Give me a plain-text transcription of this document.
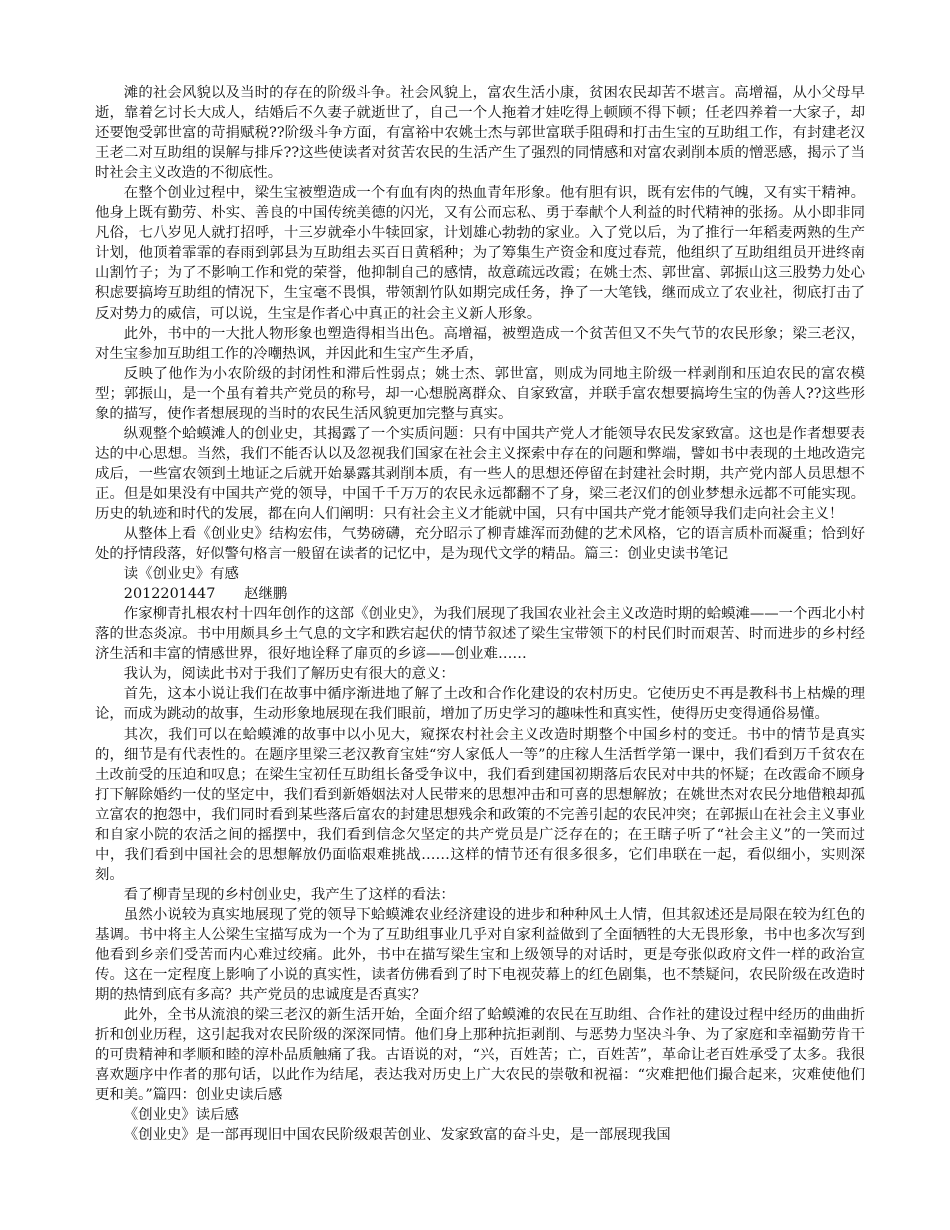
滩的社会风貌以及当时的存在的阶级斗争。社会风貌上，富农生活小康，贫困农民却苦不堪言。高增福，从小父母早逝，靠着乞讨长大成人，结婚后不久妻子就逝世了，自己一个人拖着才娃吃得上顿顾不得下顿；任老四养着一大家子，却还要饱受郭世富的苛捐赋税??阶级斗争方面，有富裕中农姚士杰与郭世富联手阻碍和打击生宝的互助组工作，有封建老汉王老二对互助组的误解与排斥??这些使读者对贫苦农民的生活产生了强烈的同情感和对富农剥削本质的憎恶感，揭示了当时社会主义改造的不彻底性。

在整个创业过程中，梁生宝被塑造成一个有血有肉的热血青年形象。他有胆有识，既有宏伟的气魄，又有实干精神。他身上既有勤劳、朴实、善良的中国传统美德的闪光，又有公而忘私、勇于奉献个人利益的时代精神的张扬。从小即非同凡俗，七八岁见人就打招呼，十三岁就牵小牛犊回家，计划雄心勃勃的家业。入了党以后，为了推行一年稻麦两熟的生产计划，他顶着霏霏的春雨到郭县为互助组去买百日黄稻种；为了筹集生产资金和度过春荒，他组织了互助组组员开进终南山割竹子；为了不影响工作和党的荣誉，他抑制自己的感情，故意疏远改霞；在姚士杰、郭世富、郭振山这三股势力处心积虑要搞垮互助组的情况下，生宝毫不畏惧，带领割竹队如期完成任务，挣了一大笔钱，继而成立了农业社，彻底打击了反对势力的威信，可以说，生宝是作者心中真正的社会主义新人形象。

此外，书中的一大批人物形象也塑造得相当出色。高增福，被塑造成一个贫苦但又不失气节的农民形象；梁三老汉，对生宝参加互助组工作的冷嘲热讽，并因此和生宝产生矛盾，

反映了他作为小农阶级的封闭性和滞后性弱点；姚士杰、郭世富，则成为同地主阶级一样剥削和压迫农民的富农模型；郭振山，是一个虽有着共产党员的称号，却一心想脱离群众、自家致富，并联手富农想要搞垮生宝的伪善人??这些形象的描写，使作者想展现的当时的农民生活风貌更加完整与真实。

纵观整个蛤蟆滩人的创业史，其揭露了一个实质问题：只有中国共产党人才能领导农民发家致富。这也是作者想要表达的中心思想。当然，我们不能否认以及忽视我们国家在社会主义探索中存在的问题和弊端，譬如书中表现的土地改造完成后，一些富农领到土地证之后就开始暴露其剥削本质，有一些人的思想还停留在封建社会时期，共产党内部人员思想不正。但是如果没有中国共产党的领导，中国千千万万的农民永远都翻不了身，梁三老汉们的创业梦想永远都不可能实现。历史的轨迹和时代的发展，都在向人们阐明：只有社会主义才能就中国，只有中国共产党才能领导我们走向社会主义！

从整体上看《创业史》结构宏伟，气势磅礴，充分昭示了柳青雄浑而劲健的艺术风格，它的语言质朴而凝重；恰到好处的抒情段落，好似警句格言一般留在读者的记忆中，是为现代文学的精品。篇三：创业史读书笔记

读《创业史》有感

2012201447　　赵继鹏

作家柳青扎根农村十四年创作的这部《创业史》，为我们展现了我国农业社会主义改造时期的蛤蟆滩——一个西北小村落的世态炎凉。书中用颇具乡土气息的文字和跌宕起伏的情节叙述了梁生宝带领下的村民们时而艰苦、时而进步的乡村经济生活和丰富的情感世界，很好地诠释了扉页的乡谚——创业难……

我认为，阅读此书对于我们了解历史有很大的意义：

首先，这本小说让我们在故事中循序渐进地了解了土改和合作化建设的农村历史。它使历史不再是教科书上枯燥的理论，而成为跳动的故事，生动形象地展现在我们眼前，增加了历史学习的趣味性和真实性，使得历史变得通俗易懂。

其次，我们可以在蛤蟆滩的故事中以小见大，窥探农村社会主义改造时期整个中国乡村的变迁。书中的情节是真实的，细节是有代表性的。在题序里梁三老汉教育宝娃“穷人家低人一等”的庄稼人生活哲学第一课中，我们看到万千贫农在土改前受的压迫和叹息；在梁生宝初任互助组长备受争议中，我们看到建国初期落后农民对中共的怀疑；在改霞命不顾身打下解除婚约一仗的坚定中，我们看到新婚姻法对人民带来的思想冲击和可喜的思想解放；在姚世杰对农民分地借粮却孤立富农的抱怨中，我们同时看到某些落后富农的封建思想残余和政策的不完善引起的农民冲突；在郭振山在社会主义事业和自家小院的农活之间的摇摆中，我们看到信念欠坚定的共产党员是广泛存在的；在王瞎子听了“社会主义”的一笑而过中，我们看到中国社会的思想解放仍面临艰难挑战……这样的情节还有很多很多，它们串联在一起，看似细小，实则深刻。

看了柳青呈现的乡村创业史，我产生了这样的看法：

虽然小说较为真实地展现了党的领导下蛤蟆滩农业经济建设的进步和种种风土人情，但其叙述还是局限在较为红色的基调。书中将主人公梁生宝描写成为一个为了互助组事业几乎对自家利益做到了全面牺牲的大无畏形象，书中也多次写到他看到乡亲们受苦而内心难过绞痛。此外，书中在描写梁生宝和上级领导的对话时，更是夸张似政府文件一样的政治宣传。这在一定程度上影响了小说的真实性，读者仿佛看到了时下电视荧幕上的红色剧集，也不禁疑问，农民阶级在改造时期的热情到底有多高？共产党员的忠诚度是否真实？

此外，全书从流浪的梁三老汉的新生活开始，全面介绍了蛤蟆滩的农民在互助组、合作社的建设过程中经历的曲曲折折和创业历程，这引起我对农民阶级的深深同情。他们身上那种抗拒剥削、与恶势力坚决斗争、为了家庭和幸福勤劳肯干的可贵精神和孝顺和睦的淳朴品质触痛了我。古语说的对，“兴，百姓苦；亡，百姓苦”，革命让老百姓承受了太多。我很喜欢题序中作者的那句话，以此作为结尾，表达我对历史上广大农民的崇敬和祝福：“灾难把他们撮合起来，灾难使他们更和美。”篇四：创业史读后感

《创业史》读后感

《创业史》是一部再现旧中国农民阶级艰苦创业、发家致富的奋斗史，是一部展现我国
